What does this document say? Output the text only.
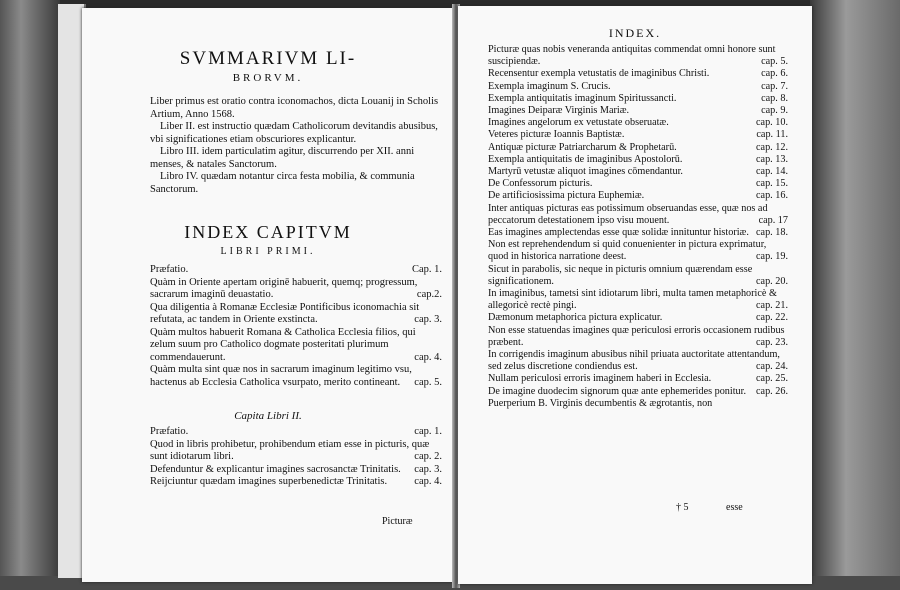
SVMMARIVM LI-
BRORVM.

Liber primus est oratio contra iconomachos, dicta Louanij in Scholis Artium, Anno 1568.

Liber II. est instructio quædam Catholicorum devitandis abusibus, vbi significationes etiam obscuriores explicantur.

Libro III. idem particulatim agitur, discurrendo per XII. anni menses, & natales Sanctorum.

Libro IV. quædam notantur circa festa mobilia, & communia Sanctorum.

INDEX CAPITVM
LIBRI PRIMI.
Præfatio.	Cap. 1.
Quàm in Oriente apertam originē habuerit, quemq; progressum, sacrarum imaginū deuastatio.	cap.2.
Qua diligentia à Romanæ Ecclesiæ Pontificibus iconomachia sit refutata, ac tandem in Oriente exstincta.	cap. 3.
Quàm multos habuerit Romana & Catholica Ecclesia filios, qui zelum suum pro Catholico dogmate posteritati plurimum commendauerunt.	cap. 4.
Quàm multa sint quæ nos in sacrarum imaginum legitimo vsu, hactenus ab Ecclesia Catholica vsurpato, merito contineant. cap. 5.
Capita Libri II.
Præfatio.	cap. 1.
Quod in libris prohibetur, prohibendum etiam esse in picturis, quæ sunt idiotarum libri.	cap. 2.
Defenduntur & explicantur imagines sacrosanctæ Trinitatis. cap. 3.
Reijciuntur quædam imagines superbenedictæ Trinitatis.	cap. 4.
Picturæ
INDEX.
Picturæ quas nobis veneranda antiquitas commendat omni honore sunt suscipiendæ.	cap. 5.
Recensentur exempla vetustatis de imaginibus Christi.	cap. 6.
Exempla imaginum S. Crucis.	cap. 7.
Exempla antiquitatis imaginum Spiritussancti.	cap. 8.
Imagines Deiparæ Virginis Mariæ.	cap. 9.
Imagines angelorum ex vetustate obseruatæ.	cap. 10.
Veteres picturæ Ioannis Baptistæ.	cap. 11.
Antiquæ picturæ Patriarcharum & Prophetarū.	cap. 12.
Exempla antiquitatis de imaginibus Apostolorū.	cap. 13.
Martyrū vetustæ aliquot imagines cōmendantur.	cap. 14.
De Confessorum picturis.	cap. 15.
De artificiosissima pictura Euphemiæ.	cap. 16.
Inter antiquas picturas eas potissimum obseruandas esse, quæ nos ad peccatorum detestationem ipso visu mouent.	cap. 17
Eas imagines amplectendas esse quæ solidæ innituntur historiæ. cap. 18.
Non est reprehendendum si quid conuenienter in pictura exprimatur, quod in historica narratione deest.	cap. 19.
Sicut in parabolis, sic neque in picturis omnium quærendam esse significationem.	cap. 20.
In imaginibus, tametsi sint idiotarum libri, multa tamen metaphoricè & allegoricè rectè pingi.	cap. 21.
Dæmonum metaphorica pictura explicatur.	cap. 22.
Non esse statuendas imagines quæ periculosi erroris occasionem rudibus præbent.	cap. 23.
In corrigendis imaginum abusibus nihil priuata auctoritate attentandum, sed zelus discretione condiendus est.	cap. 24.
Nullam periculosi erroris imaginem haberi in Ecclesia.	cap. 25.
De imagine duodecim signorum quæ ante ephemerides ponitur. cap. 26.
Puerperium B. Virginis decumbentis & ægrotantis, non
† 5	esse
